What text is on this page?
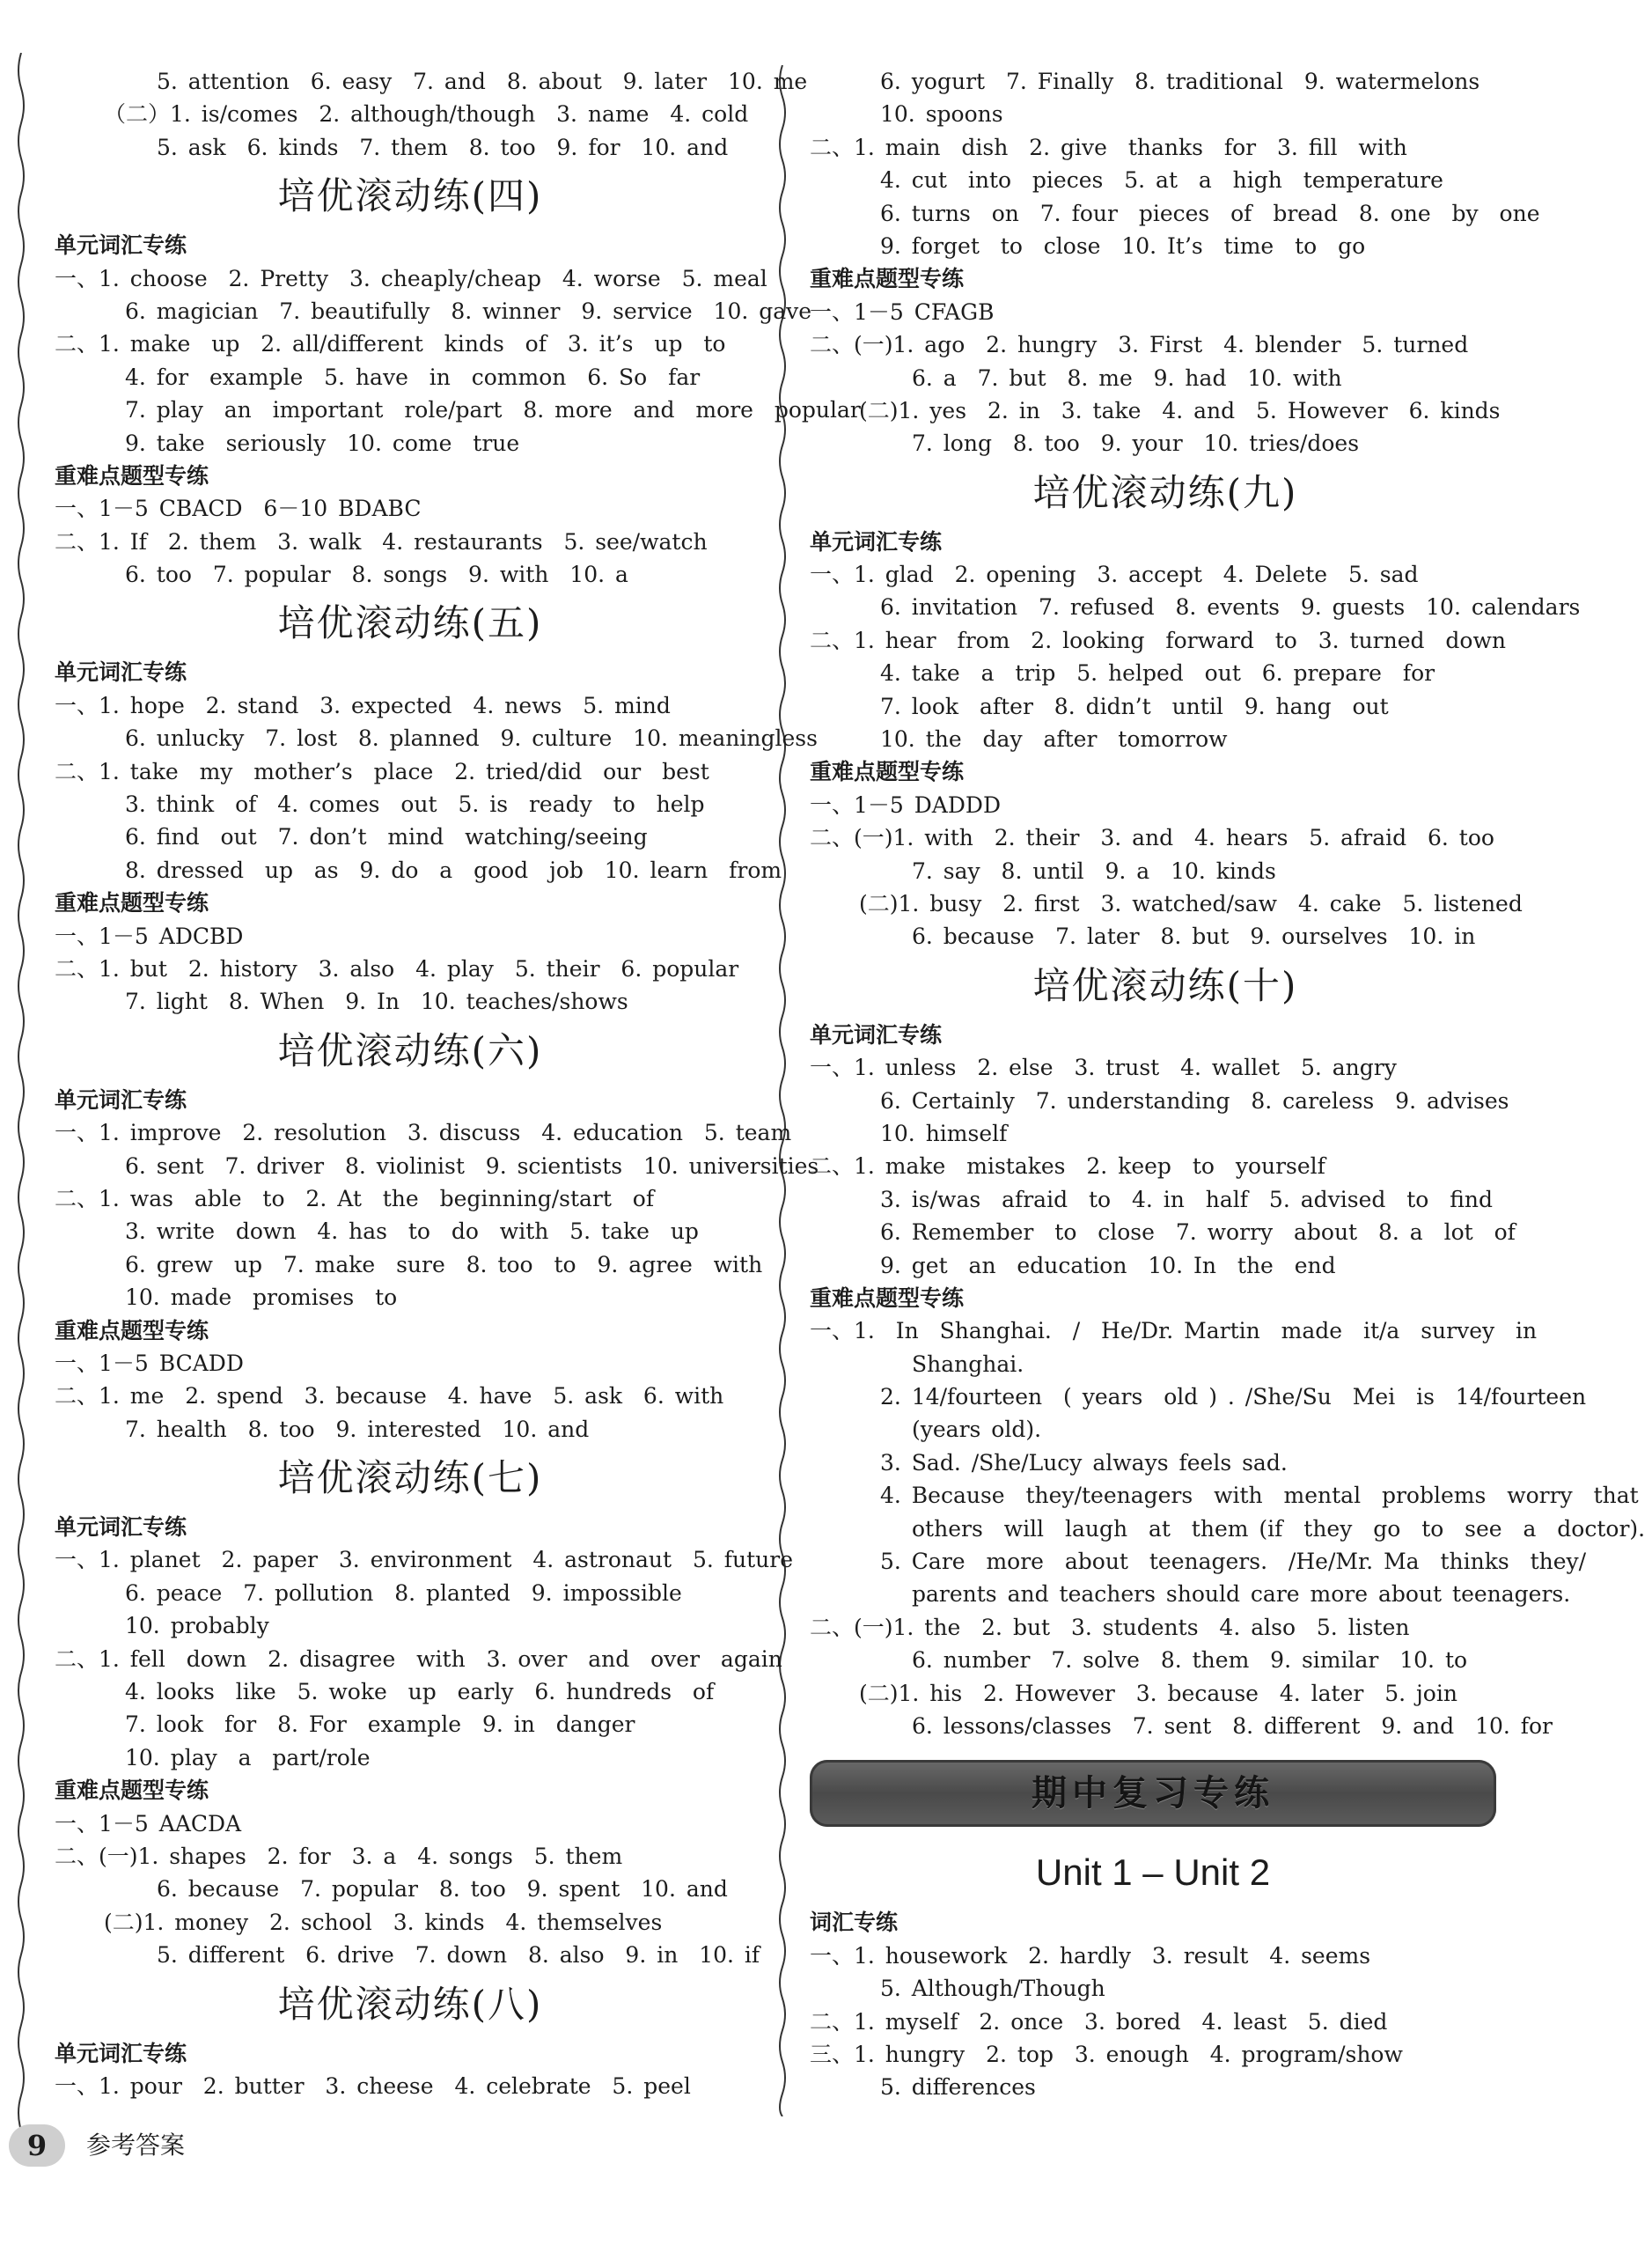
5. attention  6. easy  7. and  8. about  9. later  10. me
（二）1. is/comes  2. although/though  3. name  4. cold
5. ask  6. kinds  7. them  8. too  9. for  10. and
培优滚动练(四)
单元词汇专练
一、1. choose  2. Pretty  3. cheaply/cheap  4. worse  5. meal
6. magician  7. beautifully  8. winner  9. service  10. gave
二、1. make  up  2. all/different  kinds  of  3. it’s  up  to
4. for  example  5. have  in  common  6. So  far
7. play  an  important  role/part  8. more  and  more  popular
9. take  seriously  10. come  true
重难点题型专练
一、1－5 CBACD  6－10 BDABC
二、1. If  2. them  3. walk  4. restaurants  5. see/watch
6. too  7. popular  8. songs  9. with  10. a
培优滚动练(五)
单元词汇专练
一、1. hope  2. stand  3. expected  4. news  5. mind
6. unlucky  7. lost  8. planned  9. culture  10. meaningless
二、1. take  my  mother’s  place  2. tried/did  our  best
3. think  of  4. comes  out  5. is  ready  to  help
6. find  out  7. don’t  mind  watching/seeing
8. dressed  up  as  9. do  a  good  job  10. learn  from
重难点题型专练
一、1－5 ADCBD
二、1. but  2. history  3. also  4. play  5. their  6. popular
7. light  8. When  9. In  10. teaches/shows
培优滚动练(六)
单元词汇专练
一、1. improve  2. resolution  3. discuss  4. education  5. team
6. sent  7. driver  8. violinist  9. scientists  10. universities
二、1. was  able  to  2. At  the  beginning/start  of
3. write  down  4. has  to  do  with  5. take  up
6. grew  up  7. make  sure  8. too  to  9. agree  with
10. made  promises  to
重难点题型专练
一、1－5 BCADD
二、1. me  2. spend  3. because  4. have  5. ask  6. with
7. health  8. too  9. interested  10. and
培优滚动练(七)
单元词汇专练
一、1. planet  2. paper  3. environment  4. astronaut  5. future
6. peace  7. pollution  8. planted  9. impossible
10. probably
二、1. fell  down  2. disagree  with  3. over  and  over  again
4. looks  like  5. woke  up  early  6. hundreds  of
7. look  for  8. For  example  9. in  danger
10. play  a  part/role
重难点题型专练
一、1－5 AACDA
二、(一)1. shapes  2. for  3. a  4. songs  5. them
6. because  7. popular  8. too  9. spent  10. and
(二)1. money  2. school  3. kinds  4. themselves
5. different  6. drive  7. down  8. also  9. in  10. if
培优滚动练(八)
单元词汇专练
一、1. pour  2. butter  3. cheese  4. celebrate  5. peel
6. yogurt  7. Finally  8. traditional  9. watermelons
10. spoons
二、1. main  dish  2. give  thanks  for  3. fill  with
4. cut  into  pieces  5. at  a  high  temperature
6. turns  on  7. four  pieces  of  bread  8. one  by  one
9. forget  to  close  10. It’s  time  to  go
重难点题型专练
一、1－5 CFAGB
二、(一)1. ago  2. hungry  3. First  4. blender  5. turned
6. a  7. but  8. me  9. had  10. with
(二)1. yes  2. in  3. take  4. and  5. However  6. kinds
7. long  8. too  9. your  10. tries/does
培优滚动练(九)
单元词汇专练
一、1. glad  2. opening  3. accept  4. Delete  5. sad
6. invitation  7. refused  8. events  9. guests  10. calendars
二、1. hear  from  2. looking  forward  to  3. turned  down
4. take  a  trip  5. helped  out  6. prepare  for
7. look  after  8. didn’t  until  9. hang  out
10. the  day  after  tomorrow
重难点题型专练
一、1－5 DADDD
二、(一)1. with  2. their  3. and  4. hears  5. afraid  6. too
7. say  8. until  9. a  10. kinds
(二)1. busy  2. first  3. watched/saw  4. cake  5. listened
6. because  7. later  8. but  9. ourselves  10. in
培优滚动练(十)
单元词汇专练
一、1. unless  2. else  3. trust  4. wallet  5. angry
6. Certainly  7. understanding  8. careless  9. advises
10. himself
二、1. make  mistakes  2. keep  to  yourself
3. is/was  afraid  to  4. in  half  5. advised  to  find
6. Remember  to  close  7. worry  about  8. a  lot  of
9. get  an  education  10. In  the  end
重难点题型专练
一、1.  In  Shanghai.  /  He/Dr. Martin  made  it/a  survey  in
Shanghai.
2. 14/fourteen  ( years  old ) . /She/Su  Mei  is  14/fourteen
(years old).
3. Sad. /She/Lucy always feels sad.
4. Because  they/teenagers  with  mental  problems  worry  that
others  will  laugh  at  them (if  they  go  to  see  a  doctor).
5. Care  more  about  teenagers.  /He/Mr. Ma  thinks  they/
parents and teachers should care more about teenagers.
二、(一)1. the  2. but  3. students  4. also  5. listen
6. number  7. solve  8. them  9. similar  10. to
(二)1. his  2. However  3. because  4. later  5. join
6. lessons/classes  7. sent  8. different  9. and  10. for
期中复习专练
Unit 1 – Unit 2
词汇专练
一、1. housework  2. hardly  3. result  4. seems
5. Although/Though
二、1. myself  2. once  3. bored  4. least  5. died
三、1. hungry  2. top  3. enough  4. program/show
5. differences
9	参考答案
